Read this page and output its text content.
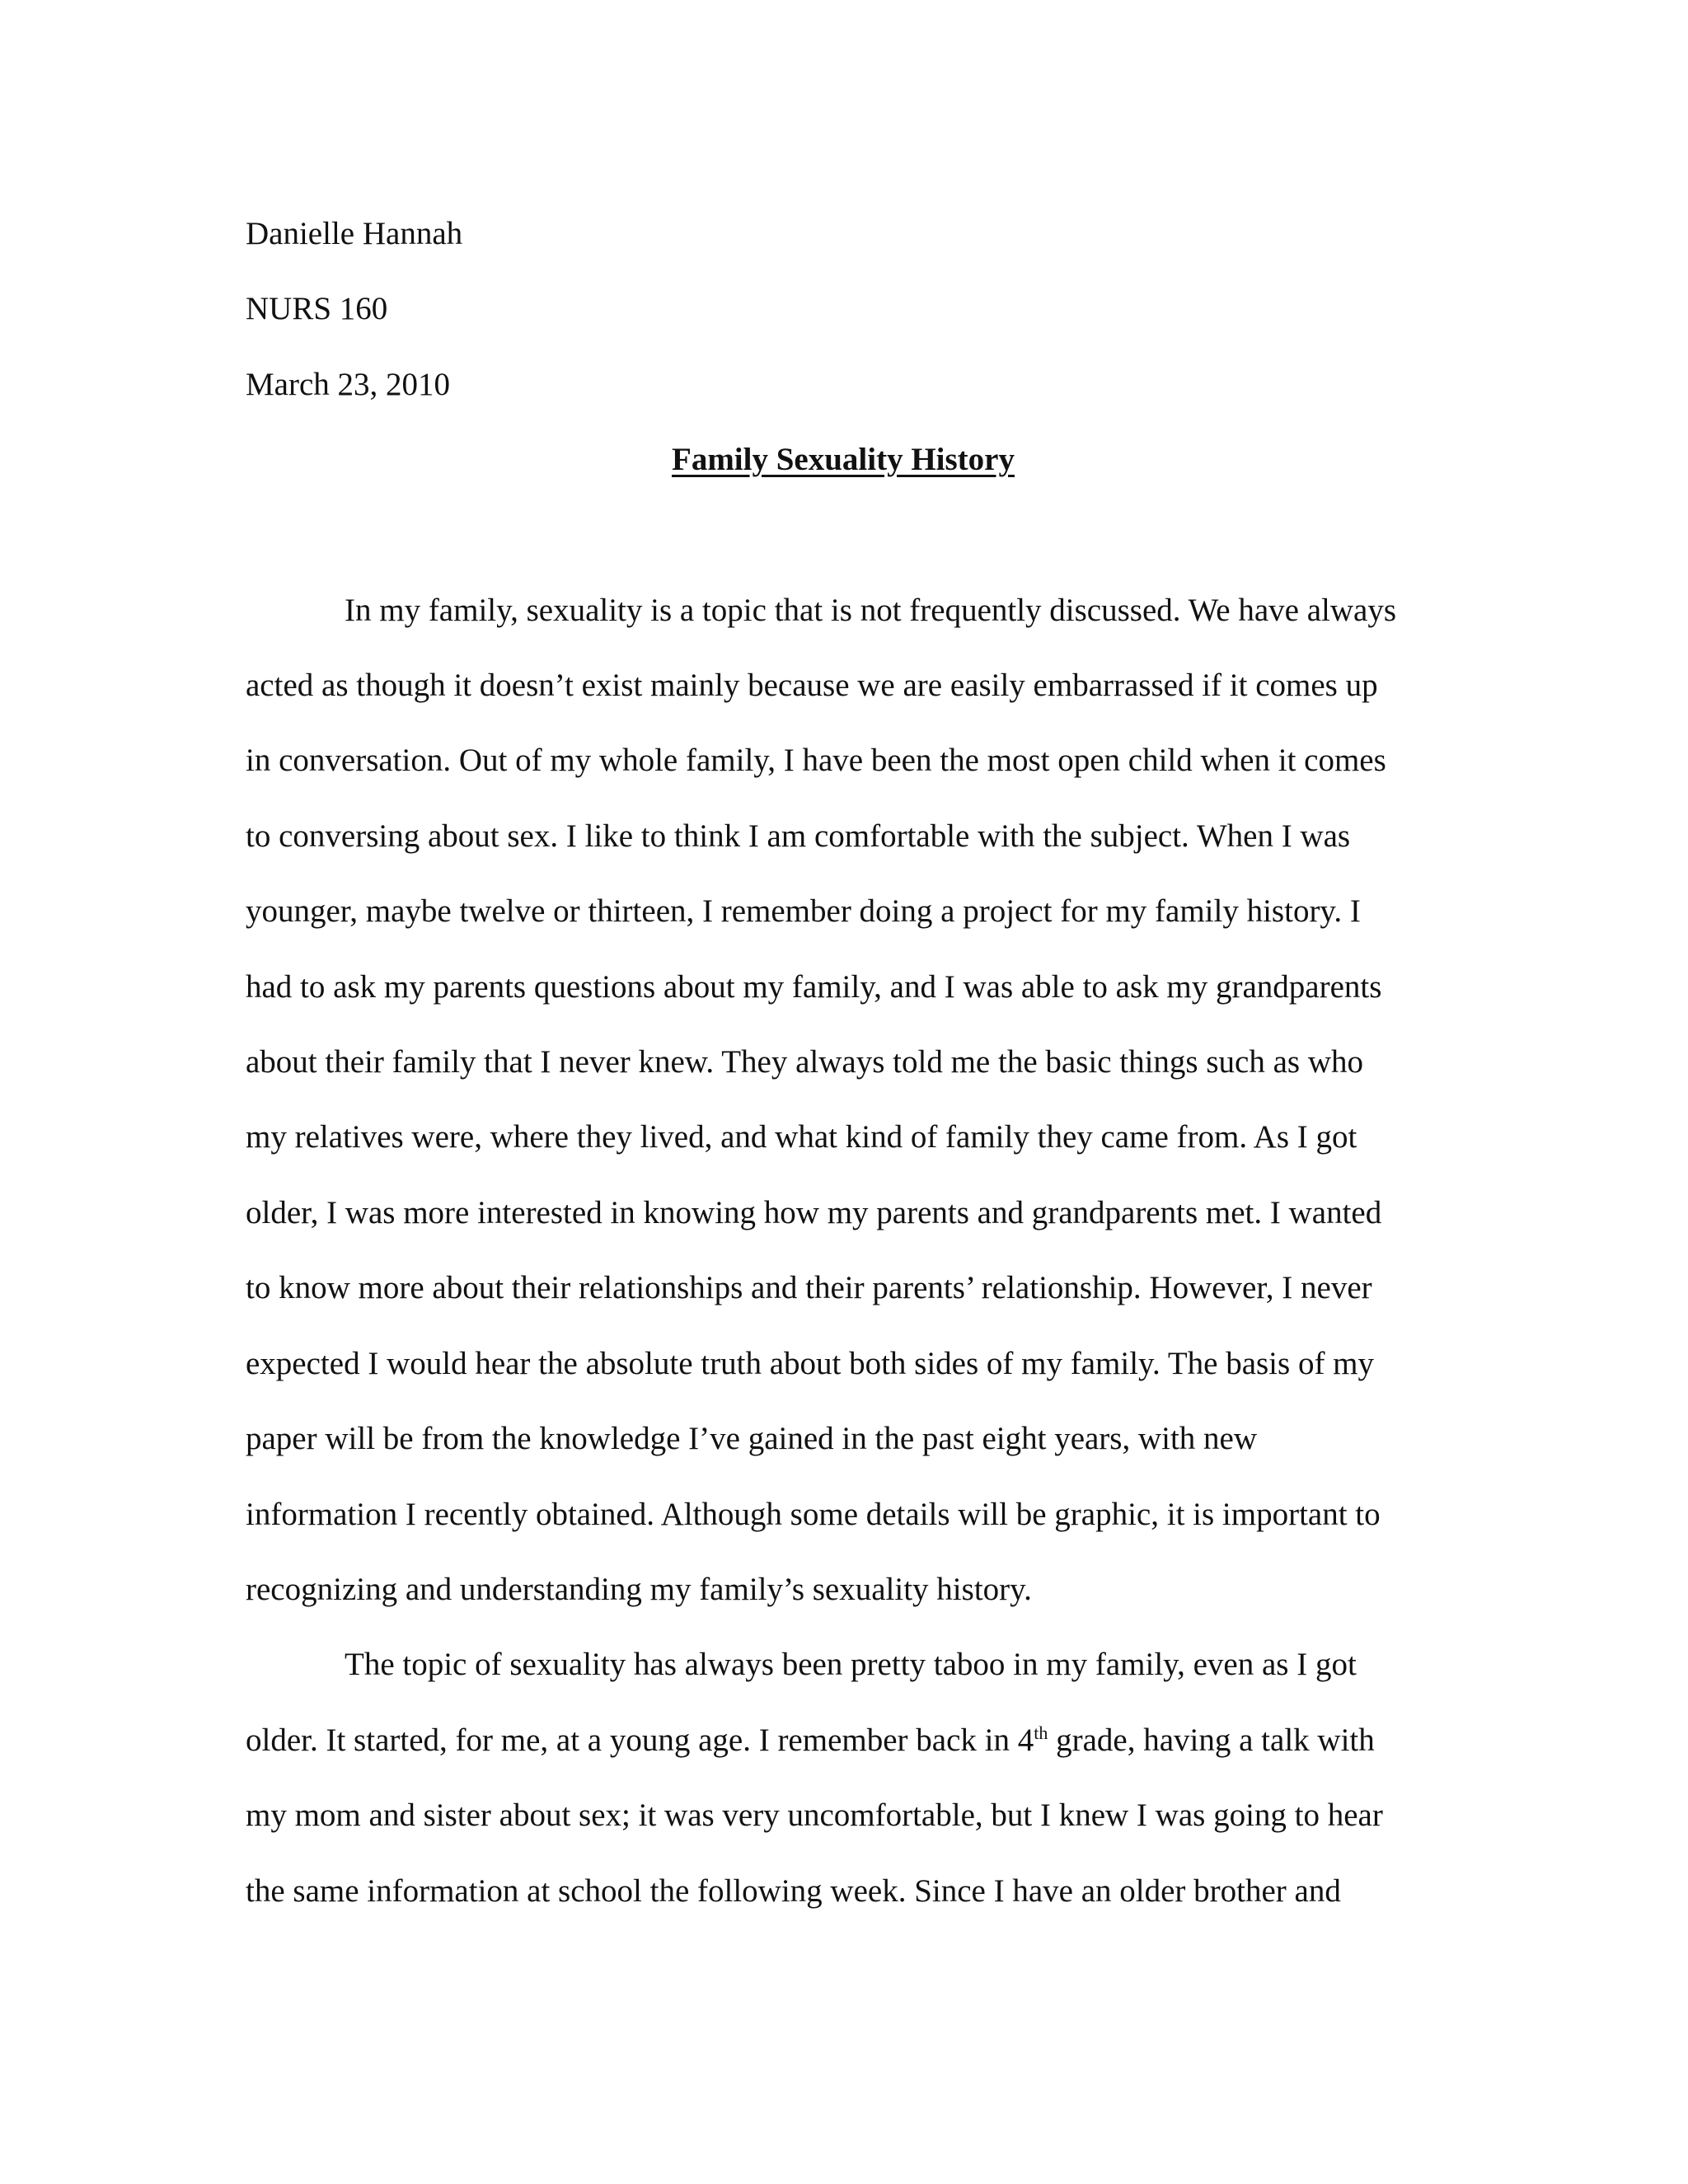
Danielle Hannah

NURS 160

March 23, 2010

Family Sexuality History

In my family, sexuality is a topic that is not frequently discussed. We have always
acted as though it doesn’t exist mainly because we are easily embarrassed if it comes up
in conversation. Out of my whole family, I have been the most open child when it comes
to conversing about sex. I like to think I am comfortable with the subject. When I was
younger, maybe twelve or thirteen, I remember doing a project for my family history. I
had to ask my parents questions about my family, and I was able to ask my grandparents
about their family that I never knew. They always told me the basic things such as who
my relatives were, where they lived, and what kind of family they came from. As I got
older, I was more interested in knowing how my parents and grandparents met. I wanted
to know more about their relationships and their parents’ relationship. However, I never
expected I would hear the absolute truth about both sides of my family. The basis of my
paper will be from the knowledge I’ve gained in the past eight years, with new
information I recently obtained. Although some details will be graphic, it is important to
recognizing and understanding my family’s sexuality history.
The topic of sexuality has always been pretty taboo in my family, even as I got
older. It started, for me, at a young age. I remember back in 4th grade, having a talk with
my mom and sister about sex; it was very uncomfortable, but I knew I was going to hear
the same information at school the following week. Since I have an older brother and
